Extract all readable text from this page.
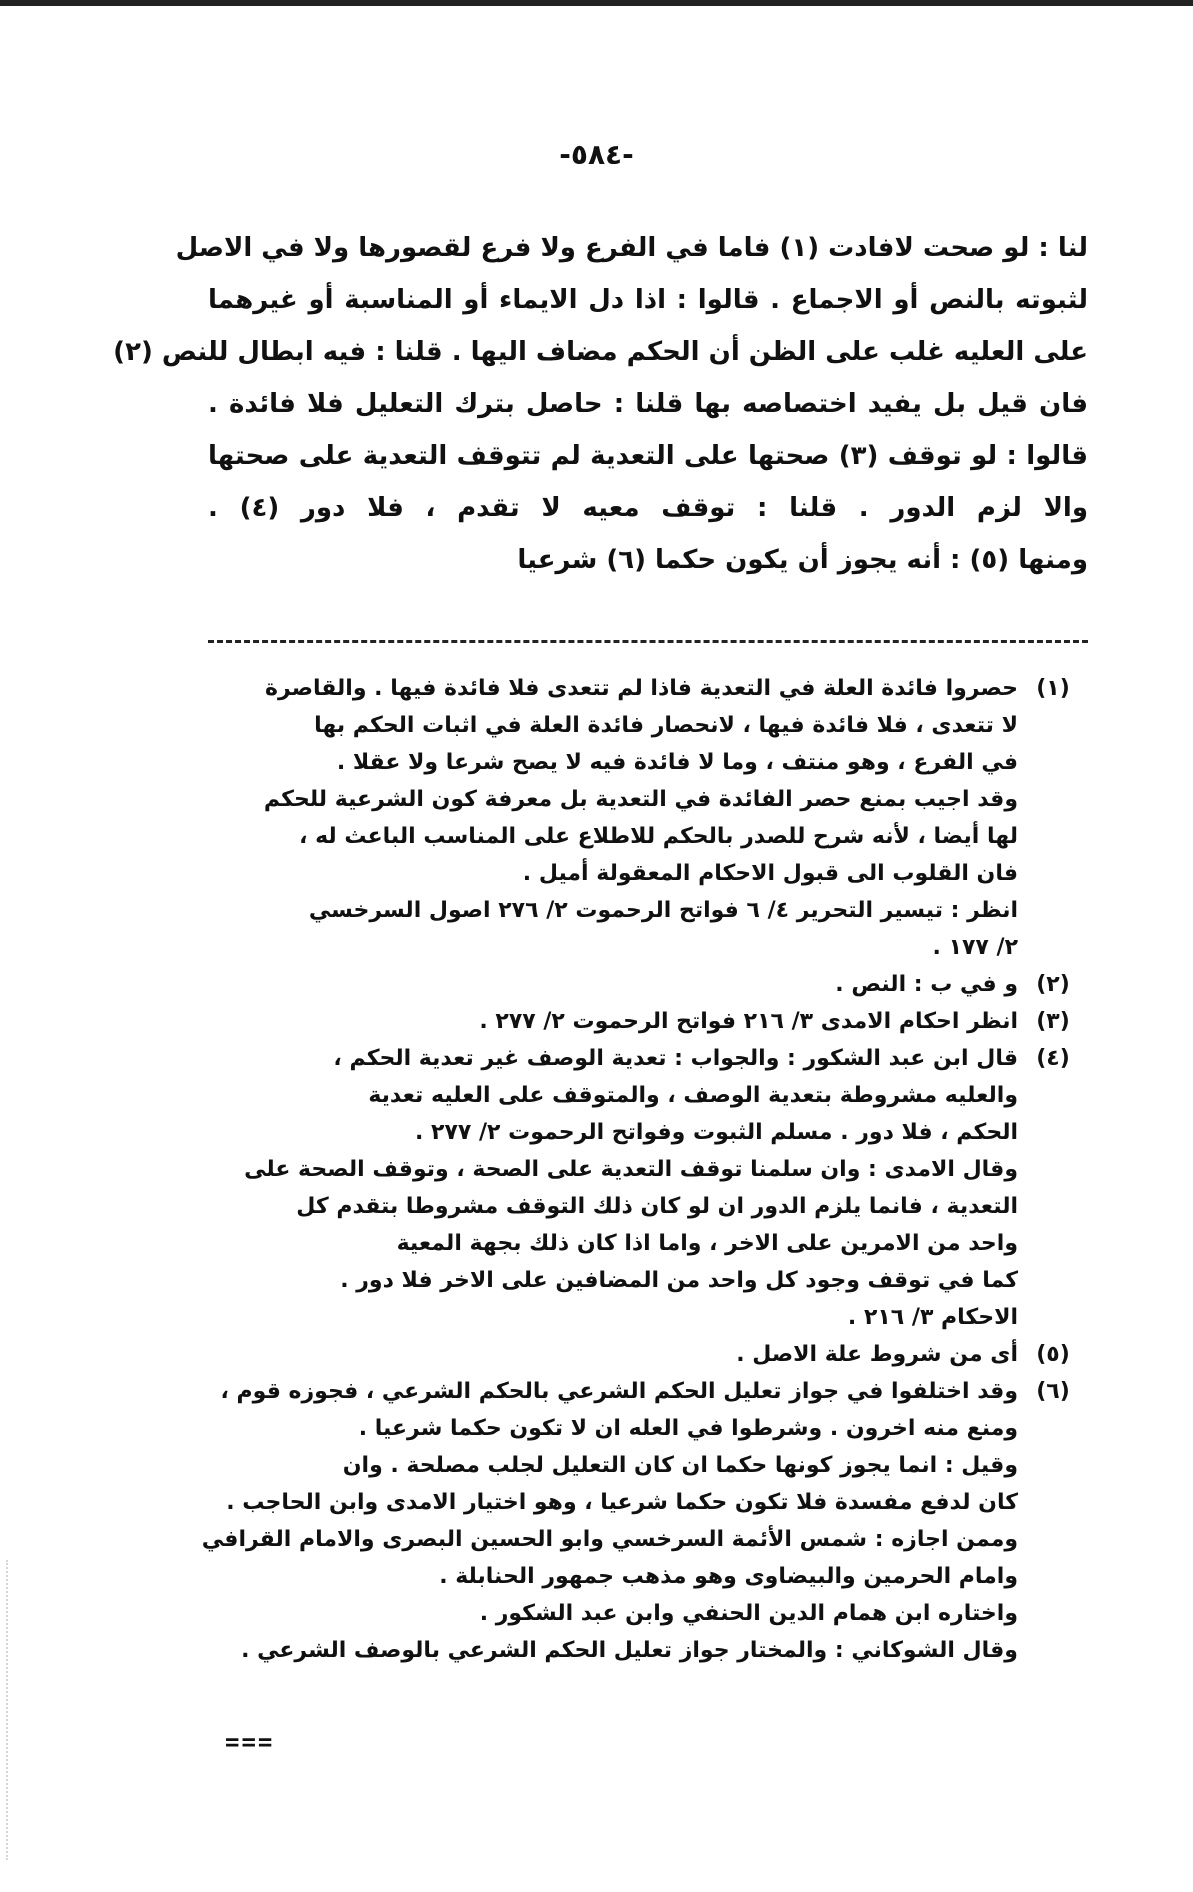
-٥٨٤-
لنا : لو صحت لافادت (١) فاما في الفرع ولا فرع لقصورها ولا في الاصل
لثبوته بالنص أو الاجماع . قالوا : اذا دل الايماء أو المناسبة أو غيرهما
على العليه غلب على الظن أن الحكم مضاف اليها . قلنا : فيه ابطال للنص (٢)
فان قيل بل يفيد اختصاصه بها قلنا : حاصل بترك التعليل فلا فائدة .
قالوا : لو توقف (٣) صحتها على التعدية لم تتوقف التعدية على صحتها
والا لزم الدور . قلنا : توقف معيه لا تقدم ، فلا دور (٤) .
ومنها (٥) : أنه يجوز أن يكون حكما (٦) شرعيا
(١)
حصروا فائدة العلة في التعدية فاذا لم تتعدى فلا فائدة فيها . والقاصرة
لا تتعدى ، فلا فائدة فيها ، لانحصار فائدة العلة في اثبات الحكم بها
في الفرع ، وهو منتف ، وما لا فائدة فيه لا يصح شرعا ولا عقلا .
وقد اجيب بمنع حصر الفائدة في التعدية بل معرفة كون الشرعية للحكم
لها أيضا ، لأنه شرح للصدر بالحكم للاطلاع على المناسب الباعث له ،
فان القلوب الى قبول الاحكام المعقولة أميل .
انظر : تيسير التحرير ٤/ ٦ فواتح الرحموت ٢/ ٢٧٦ اصول السرخسي
٢/ ١٧٧ .
(٢)
و في ب : النص .
(٣)
انظر احكام الامدى ٣/ ٢١٦ فواتح الرحموت ٢/ ٢٧٧ .
(٤)
قال ابن عبد الشكور : والجواب : تعدية الوصف غير تعدية الحكم ،
والعليه مشروطة بتعدية الوصف ، والمتوقف على العليه تعدية
الحكم ، فلا دور . مسلم الثبوت وفواتح الرحموت ٢/ ٢٧٧ .
وقال الامدى : وان سلمنا توقف التعدية على الصحة ، وتوقف الصحة على
التعدية ، فانما يلزم الدور ان لو كان ذلك التوقف مشروطا بتقدم كل
واحد من الامرين على الاخر ، واما اذا كان ذلك بجهة المعية
كما في توقف وجود كل واحد من المضافين على الاخر فلا دور .
الاحكام ٣/ ٢١٦ .
(٥)
أى من شروط علة الاصل .
(٦)
وقد اختلفوا في جواز تعليل الحكم الشرعي بالحكم الشرعي ، فجوزه قوم ،
ومنع منه اخرون . وشرطوا في العله ان لا تكون حكما شرعيا .
وقيل : انما يجوز كونها حكما ان كان التعليل لجلب مصلحة . وان
كان لدفع مفسدة فلا تكون حكما شرعيا ، وهو اختيار الامدى وابن الحاجب .
وممن اجازه : شمس الأئمة السرخسي وابو الحسين البصرى والامام القرافي
وامام الحرمين والبيضاوى وهو مذهب جمهور الحنابلة .
واختاره ابن همام الدين الحنفي وابن عبد الشكور .
وقال الشوكاني : والمختار جواز تعليل الحكم الشرعي بالوصف الشرعي .
===
